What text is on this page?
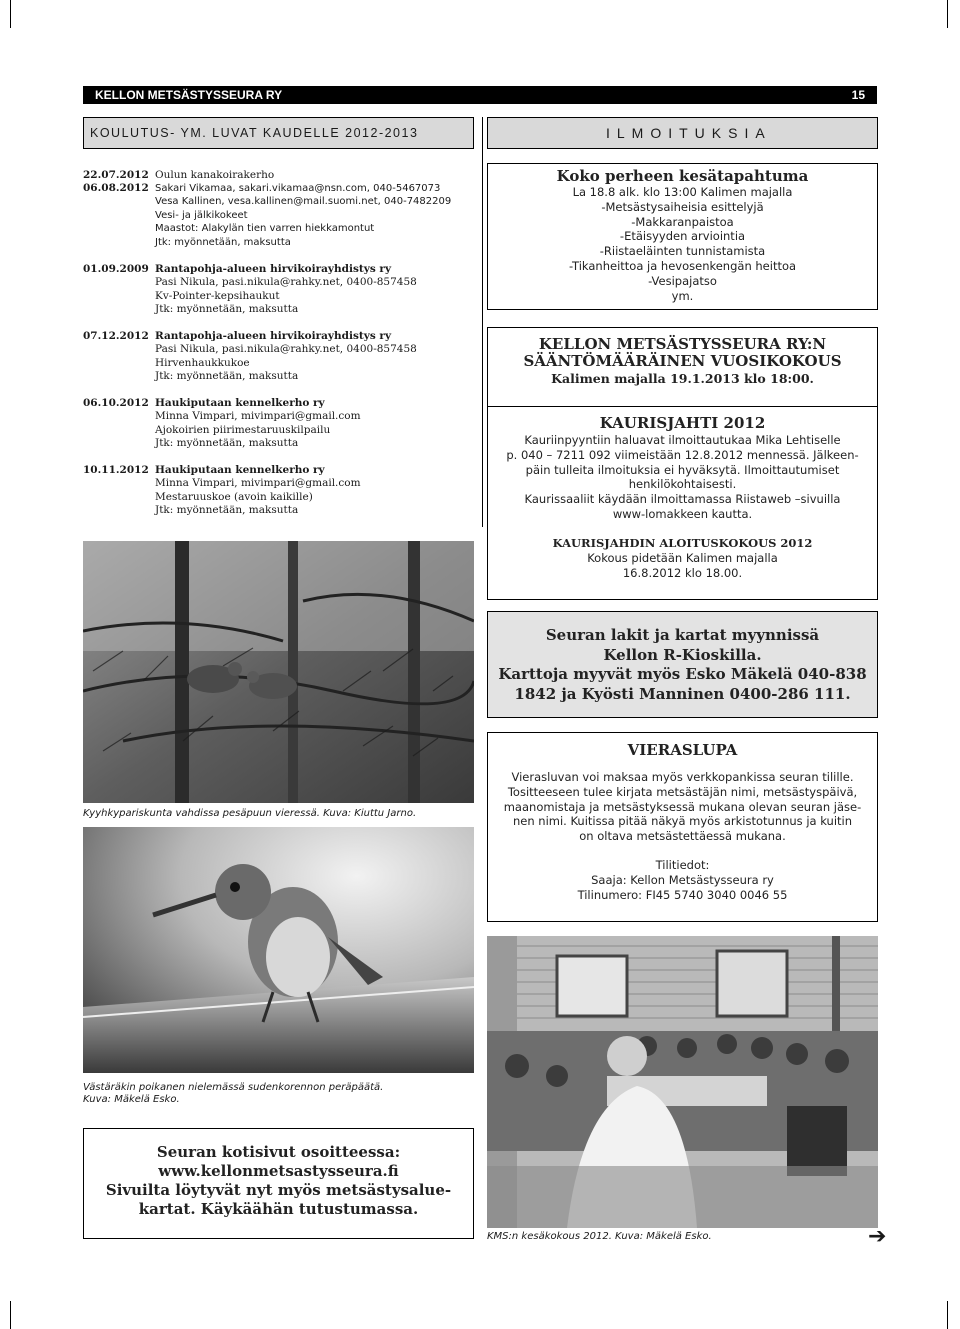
KELLON METSÄSTYSSEURA RY	15
KOULUTUS- YM. LUVAT KAUDELLE 2012-2013	ILMOITUKSIA
22.07.2012 Oulun kanakoirakerho
06.08.2012 Sakari Vikamaa, sakari.vikamaa@nsn.com, 040-5467073
Vesa Kallinen, vesa.kallinen@mail.suomi.net, 040-7482209
Vesi- ja jälkikokeet
Maastot: Alakylän tien varren hiekkamontut
Jtk: myönnetään, maksutta
01.09.2009 Rantapohja-alueen hirvikoirayhdistys ry
Pasi Nikula, pasi.nikula@rahky.net, 0400-857458
Kv-Pointer-kepsihaukut
Jtk: myönnetään, maksutta
07.12.2012 Rantapohja-alueen hirvikoirayhdistys ry
Pasi Nikula, pasi.nikula@rahky.net, 0400-857458
Hirvenhaukkukoe
Jtk: myönnetään, maksutta
06.10.2012 Haukiputaan kennelkerho ry
Minna Vimpari, mivimpari@gmail.com
Ajokoirien piirimestaruuskilpailu
Jtk: myönnetään, maksutta
10.11.2012 Haukiputaan kennelkerho ry
Minna Vimpari, mivimpari@gmail.com
Mestaruuskoe (avoin kaikille)
Jtk: myönnetään, maksutta
Kyyhkypariskunta vahdissa pesäpuun vieressä. Kuva: Kiuttu Jarno.
Västäräkin poikanen nielemässä sudenkorennon peräpäätä.
Kuva: Mäkelä Esko.
Seuran kotisivut osoitteessa:
www.kellonmetsastysseura.fi
Sivuilta löytyvät nyt myös metsästysalue-
kartat. Käykäähän tutustumassa.
Koko perheen kesätapahtuma
La 18.8 alk. klo 13:00 Kalimen majalla
-Metsästysaiheisia esittelyjä
-Makkaranpaistoa
-Etäisyyden arviointia
-Riistaeläinten tunnistamista
-Tikanheittoa ja hevosenkengän heittoa
-Vesipajatso
ym.
KELLON METSÄSTYSSEURA RY:N
SÄÄNTÖMÄÄRÄINEN VUOSIKOKOUS
Kalimen majalla 19.1.2013 klo 18:00.
KAURISJAHTI 2012
Kauriinpyyntiin haluavat ilmoittautukaa Mika Lehtiselle
p. 040 – 7211 092 viimeistään 12.8.2012 mennessä. Jälkeen-
päin tulleita ilmoituksia ei hyväksytä. Ilmoittautumiset
henkilökohtaisesti.
Kaurissaaliit käydään ilmoittamassa Riistaweb –sivuilla
www-lomakkeen kautta.
KAURISJAHDIN ALOITUSKOKOUS 2012
Kokous pidetään Kalimen majalla
16.8.2012 klo 18.00.
Seuran lakit ja kartat myynnissä
Kellon R-Kioskilla.
Karttoja myyvät myös Esko Mäkelä 040-838
1842 ja Kyösti Manninen 0400-286 111.
VIERASLUPA
Vierasluvan voi maksaa myös verkkopankissa seuran tilille.
Tositteeseen tulee kirjata metsästäjän nimi, metsästyspäivä,
maanomistaja ja metsästyksessä mukana olevan seuran jäse-
nen nimi. Kuitissa pitää näkyä myös arkistotunnus ja kuitin
on oltava metsästettäessä mukana.
Tilitiedot:
Saaja: Kellon Metsästysseura ry
Tilinumero: FI45 5740 3040 0046 55
KMS:n kesäkokous 2012. Kuva: Mäkelä Esko.	➔
